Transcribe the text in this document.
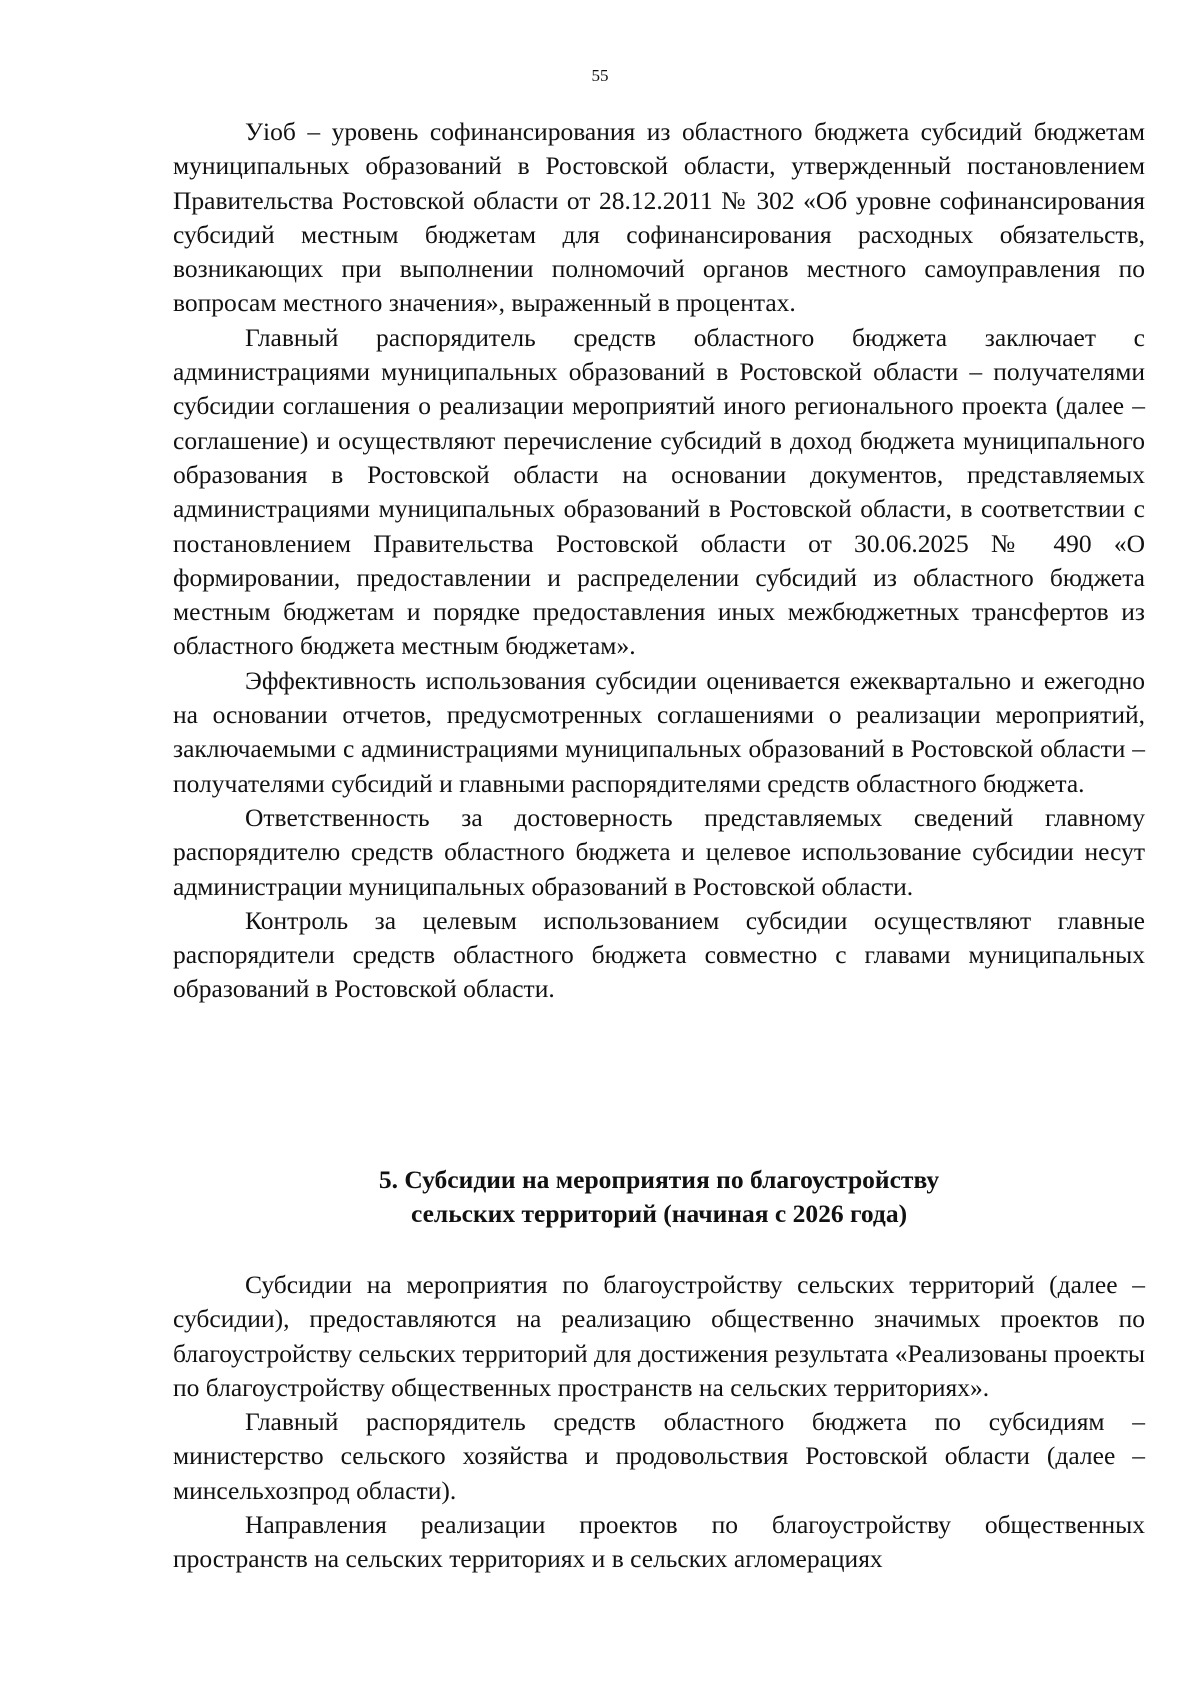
55

Уioб – уровень софинансирования из областного бюджета субсидий бюджетам муниципальных образований в Ростовской области, утвержденный постановлением Правительства Ростовской области от 28.12.2011 № 302 «Об уровне софинансирования субсидий местным бюджетам для софинансирования расходных обязательств, возникающих при выполнении полномочий органов местного самоуправления по вопросам местного значения», выраженный в процентах.

Главный распорядитель средств областного бюджета заключает с администрациями муниципальных образований в Ростовской области – получателями субсидии соглашения о реализации мероприятий иного регионального проекта (далее – соглашение) и осуществляют перечисление субсидий в доход бюджета муниципального образования в Ростовской области на основании документов, представляемых администрациями муниципальных образований в Ростовской области, в соответствии с постановлением Правительства Ростовской области от 30.06.2025 № 490 «О формировании, предоставлении и распределении субсидий из областного бюджета местным бюджетам и порядке предоставления иных межбюджетных трансфертов из областного бюджета местным бюджетам».

Эффективность использования субсидии оценивается ежеквартально и ежегодно на основании отчетов, предусмотренных соглашениями о реализации мероприятий, заключаемыми с администрациями муниципальных образований в Ростовской области – получателями субсидий и главными распорядителями средств областного бюджета.

Ответственность за достоверность представляемых сведений главному распорядителю средств областного бюджета и целевое использование субсидии несут администрации муниципальных образований в Ростовской области.

Контроль за целевым использованием субсидии осуществляют главные распорядители средств областного бюджета совместно с главами муниципальных образований в Ростовской области.

5. Субсидии на мероприятия по благоустройству
сельских территорий (начиная с 2026 года)

Субсидии на мероприятия по благоустройству сельских территорий (далее – субсидии), предоставляются на реализацию общественно значимых проектов по благоустройству сельских территорий для достижения результата «Реализованы проекты по благоустройству общественных пространств на сельских территориях».

Главный распорядитель средств областного бюджета по субсидиям – министерство сельского хозяйства и продовольствия Ростовской области (далее – минсельхозпрод области).

Направления реализации проектов по благоустройству общественных пространств на сельских территориях и в сельских агломерациях
